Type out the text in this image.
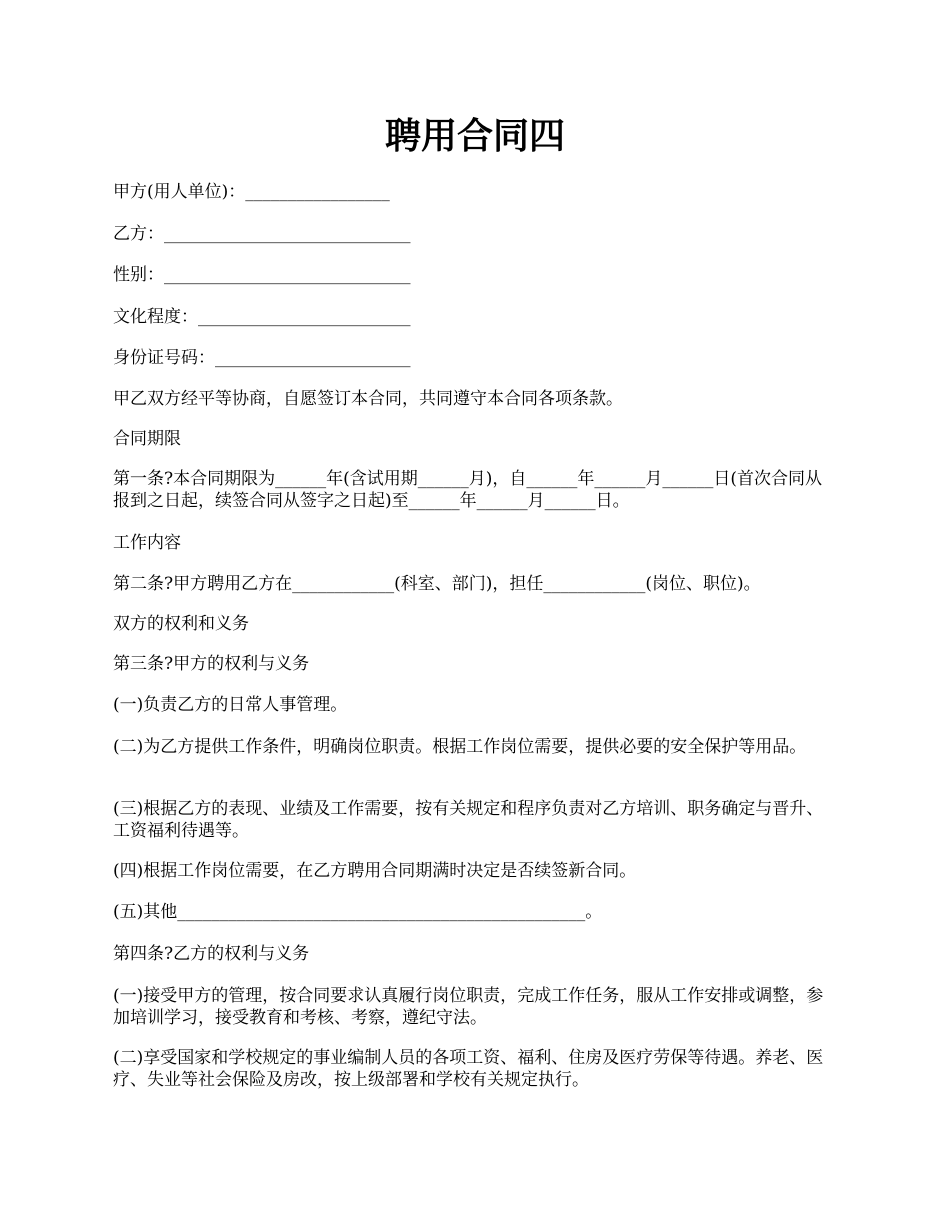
聘用合同四

甲方(用人单位)：_________________

乙方：_____________________________

性别：_____________________________

文化程度：_________________________

身份证号码：_______________________

甲乙双方经平等协商，自愿签订本合同，共同遵守本合同各项条款。

合同期限

第一条?本合同期限为______年(含试用期______月)，自______年______月______日(首次合同从报到之日起，续签合同从签字之日起)至______年______月______日。

工作内容

第二条?甲方聘用乙方在____________(科室、部门)，担任____________(岗位、职位)。

双方的权利和义务

第三条?甲方的权利与义务

(一)负责乙方的日常人事管理。

(二)为乙方提供工作条件，明确岗位职责。根据工作岗位需要，提供必要的安全保护等用品。

(三)根据乙方的表现、业绩及工作需要，按有关规定和程序负责对乙方培训、职务确定与晋升、工资福利待遇等。

(四)根据工作岗位需要，在乙方聘用合同期满时决定是否续签新合同。

(五)其他________________________________________________。

第四条?乙方的权利与义务

(一)接受甲方的管理，按合同要求认真履行岗位职责，完成工作任务，服从工作安排或调整，参加培训学习，接受教育和考核、考察，遵纪守法。

(二)享受国家和学校规定的事业编制人员的各项工资、福利、住房及医疗劳保等待遇。养老、医疗、失业等社会保险及房改，按上级部署和学校有关规定执行。
